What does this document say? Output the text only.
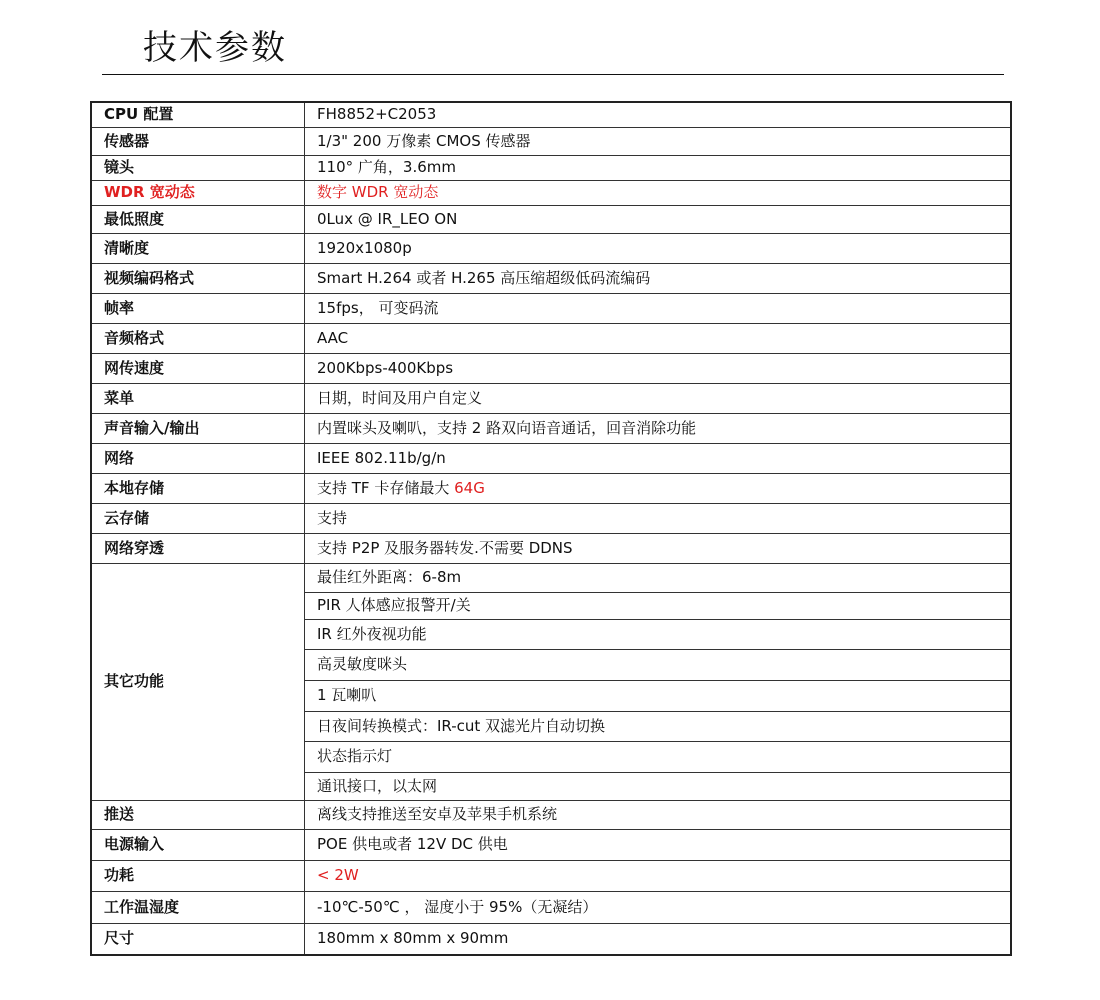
技术参数
CPU 配置	FH8852+C2053
传感器	1/3" 200 万像素 CMOS 传感器
镜头	110° 广角，3.6mm
WDR 宽动态	数字 WDR 宽动态
最低照度	0Lux @ IR_LEO ON
清晰度	1920x1080p
视频编码格式	Smart H.264 或者 H.265 高压缩超级低码流编码
帧率	15fps， 可变码流
音频格式	AAC
网传速度	200Kbps-400Kbps
菜单	日期，时间及用户自定义
声音输入/输出	内置咪头及喇叭，支持 2 路双向语音通话，回音消除功能
网络	IEEE 802.11b/g/n
本地存储	支持 TF 卡存储最大 64G
云存储	支持
网络穿透	支持 P2P 及服务器转发.不需要 DDNS
其它功能	最佳红外距离：6-8m
	PIR 人体感应报警开/关
	IR 红外夜视功能
	高灵敏度咪头
	1 瓦喇叭
	日夜间转换模式：IR-cut 双滤光片自动切换
	状态指示灯
	通讯接口，以太网
推送	离线支持推送至安卓及苹果手机系统
电源输入	POE 供电或者 12V DC 供电
功耗	< 2W
工作温湿度	-10℃-50℃ ， 湿度小于 95%（无凝结）
尺寸	180mm x 80mm x 90mm
